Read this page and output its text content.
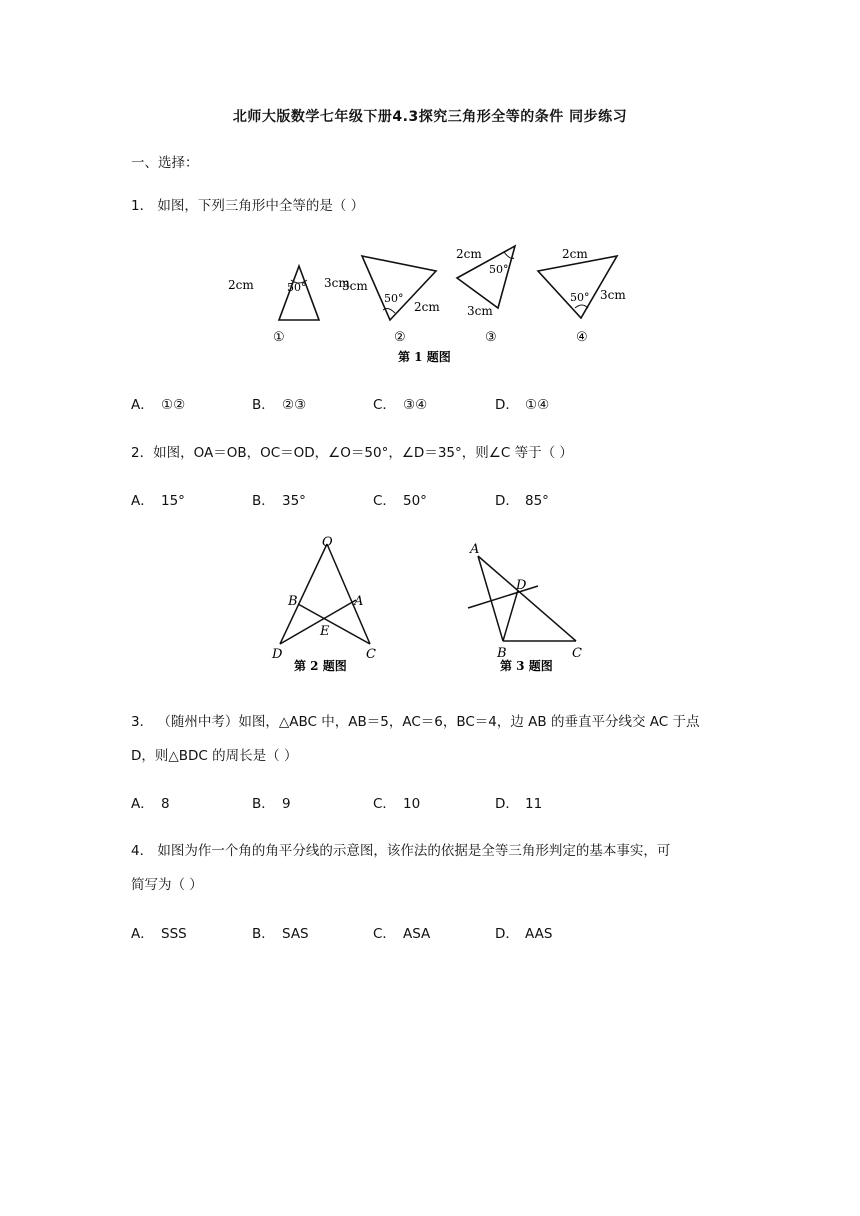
北师大版数学七年级下册4.3探究三角形全等的条件 同步练习
一、选择：
1． 如图，下列三角形中全等的是（ ）
2cm	3cm
50°
①
3cm
2cm
50°
②
2cm
3cm
50°
③
2cm
3cm
50°
④
第 1 题图
A． ①②	B． ②③	C． ③④	D． ①④
2．如图，OA＝OB，OC＝OD，∠O＝50°，∠D＝35°，则∠C 等于（ ）
A． 15°	B． 35°	C． 50°	D． 85°
O
B	A
E
D	C
第 2 题图
A
D
B	C
第 3 题图
3． （随州中考）如图，△ABC 中，AB＝5，AC＝6，BC＝4，边 AB 的垂直平分线交 AC 于点
D，则△BDC 的周长是（ ）
A． 8	B． 9	C． 10	D． 11
4． 如图为作一个角的角平分线的示意图，该作法的依据是全等三角形判定的基本事实，可
简写为（ ）
A． SSS	B． SAS	C． ASA	D． AAS
